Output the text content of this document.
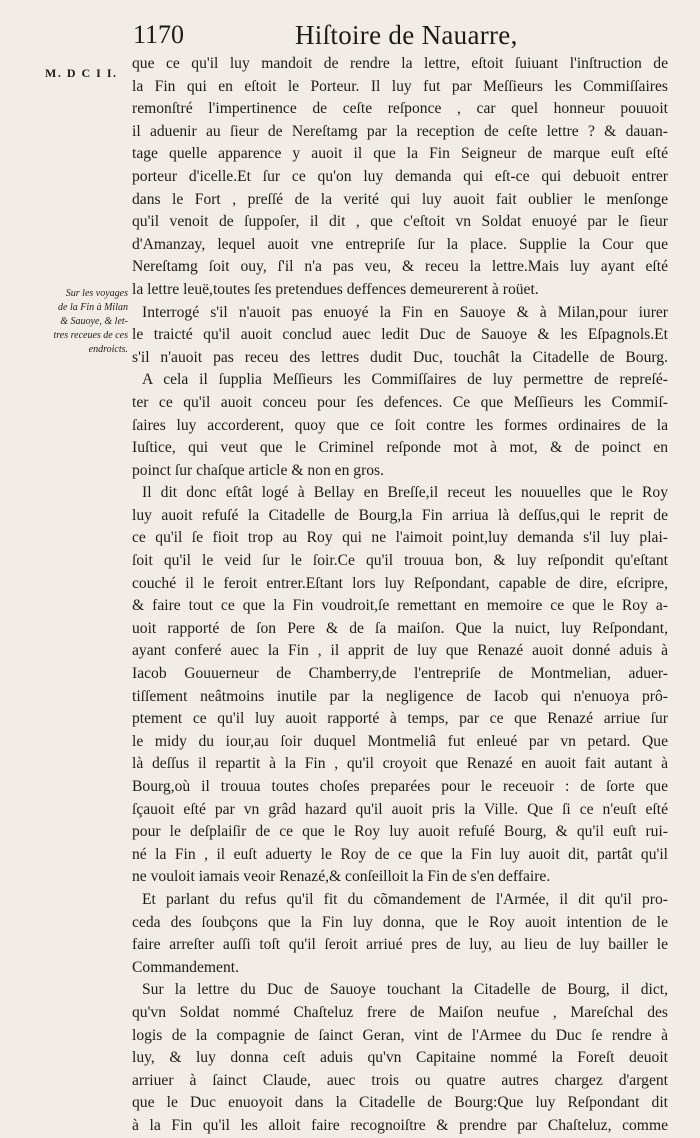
1170	Hiſtoire de Nauarre,
M. D C I I.
Sur les voyages
de la Fin à Milan
& Sauoye, & let-
tres receues de ces
endroicts.
que ce qu'il luy mandoit de rendre la lettre, eſtoit ſuiuant l'inſtruction de
la Fin qui en eſtoit le Porteur. Il luy fut par Meſſieurs les Commiſſaires
remonſtré l'impertinence de ceſte reſponce , car quel honneur pouuoit
il aduenir au ſieur de Nereſtamg par la reception de ceſte lettre ? & dauan-
tage quelle apparence y auoit il que la Fin Seigneur de marque euſt eſté
porteur d'icelle.Et ſur ce qu'on luy demanda qui eſt-ce qui debuoit entrer
dans le Fort , preſſé de la verité qui luy auoit fait oublier le menſonge
qu'il venoit de ſuppoſer, il dit , que c'eſtoit vn Soldat enuoyé par le ſieur
d'Amanzay, lequel auoit vne entrepriſe ſur la place. Supplie la Cour que
Nereſtamg ſoit ouy, ſ'il n'a pas veu, & receu la lettre.Mais luy ayant eſté
la lettre leuë,toutes ſes pretendues deffences demeurerent à roüet.
Interrogé s'il n'auoit pas enuoyé la Fin en Sauoye & à Milan,pour iurer
le traicté qu'il auoit conclud auec ledit Duc de Sauoye & les Eſpagnols.Et
s'il n'auoit pas receu des lettres dudit Duc, touchât la Citadelle de Bourg.
A cela il ſupplia Meſſieurs les Commiſſaires de luy permettre de repreſé-
ter ce qu'il auoit conceu pour ſes defences. Ce que Meſſieurs les Commiſ-
ſaires luy accorderent, quoy que ce ſoit contre les formes ordinaires de la
Iuſtice, qui veut que le Criminel reſponde mot à mot, & de poinct en
poinct ſur chaſque article & non en gros.
Il dit donc eſtât logé à Bellay en Breſſe,il receut les nouuelles que le Roy
luy auoit refuſé la Citadelle de Bourg,la Fin arriua là deſſus,qui le reprit de
ce qu'il ſe fioit trop au Roy qui ne l'aimoit point,luy demanda s'il luy plai-
ſoit qu'il le veid ſur le ſoir.Ce qu'il trouua bon, & luy reſpondit qu'eſtant
couché il le feroit entrer.Eſtant lors luy Reſpondant, capable de dire, eſcripre,
& faire tout ce que la Fin voudroit,ſe remettant en memoire ce que le Roy a-
uoit rapporté de ſon Pere & de ſa maiſon. Que la nuict, luy Reſpondant,
ayant conferé auec la Fin , il apprit de luy que Renazé auoit donné aduis à
Iacob Gouuerneur de Chamberry,de l'entrepriſe de Montmelian, aduer-
tiſſement neâtmoins inutile par la negligence de Iacob qui n'enuoya prô-
ptement ce qu'il luy auoit rapporté à temps, par ce que Renazé arriue ſur
le midy du iour,au ſoir duquel Montmeliâ fut enleué par vn petard. Que
là deſſus il repartit à la Fin , qu'il croyoit que Renazé en auoit fait autant à
Bourg,où il trouua toutes choſes preparées pour le receuoir : de ſorte que
ſçauoit eſté par vn grâd hazard qu'il auoit pris la Ville. Que ſi ce n'euſt eſté
pour le deſplaiſir de ce que le Roy luy auoit refuſé Bourg, & qu'il euſt rui-
né la Fin , il euſt aduerty le Roy de ce que la Fin luy auoit dit, partât qu'il
ne vouloit iamais veoir Renazé,& conſeilloit la Fin de s'en deffaire.
Et parlant du refus qu'il fit du cõmandement de l'Armée, il dit qu'il pro-
ceda des ſoubçons que la Fin luy donna, que le Roy auoit intention de le
faire arreſter auſſi toſt qu'il ſeroit arriué pres de luy, au lieu de luy bailler le
Commandement.
Sur la lettre du Duc de Sauoye touchant la Citadelle de Bourg, il dict,
qu'vn Soldat nommé Chaſteluz frere de Maiſon neufue , Mareſchal des
logis de la compagnie de ſainct Geran, vint de l'Armee du Duc ſe rendre à
luy, & luy donna ceſt aduis qu'vn Capitaine nommé la Foreſt deuoit
arriuer à ſainct Claude, auec trois ou quatre autres chargez d'argent
que le Duc enuoyoit dans la Citadelle de Bourg:Que luy Reſpondant dit
à la Fin qu'il les alloit faire recognoiſtre & prendre par Chaſteluz, comme
